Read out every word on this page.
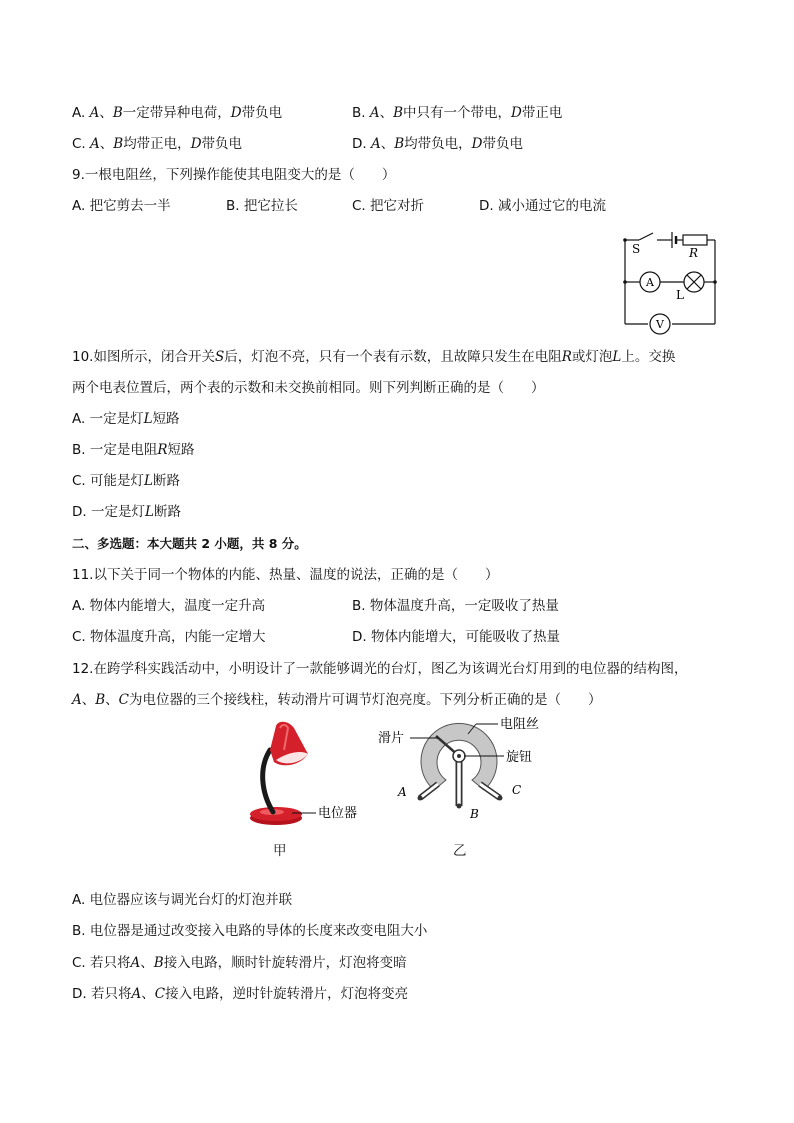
A. A、B一定带异种电荷，D带负电	B. A、B中只有一个带电，D带正电
C. A、B均带正电，D带负电	D. A、B均带负电，D带负电
9.一根电阻丝，下列操作能使其电阻变大的是（　　）
A. 把它剪去一半	B. 把它拉长	C. 把它对折	D. 减小通过它的电流
S	R
A
L
V
10.如图所示，闭合开关S后，灯泡不亮，只有一个表有示数，且故障只发生在电阻R或灯泡L上。交换
两个电表位置后，两个表的示数和未交换前相同。则下列判断正确的是（　　）
A. 一定是灯L短路
B. 一定是电阻R短路
C. 可能是灯L断路
D. 一定是灯L断路
二、多选题：本大题共 2 小题，共 8 分。
11.以下关于同一个物体的内能、热量、温度的说法，正确的是（　　）
A. 物体内能增大，温度一定升高	B. 物体温度升高，一定吸收了热量
C. 物体温度升高，内能一定增大	D. 物体内能增大，可能吸收了热量
12.在跨学科实践活动中，小明设计了一款能够调光的台灯，图乙为该调光台灯用到的电位器的结构图，
A、B、C为电位器的三个接线柱，转动滑片可调节灯泡亮度。下列分析正确的是（　　）
电位器
甲
滑片
电阻丝
旋钮
A
B
C
乙
A. 电位器应该与调光台灯的灯泡并联
B. 电位器是通过改变接入电路的导体的长度来改变电阻大小
C. 若只将A、B接入电路，顺时针旋转滑片，灯泡将变暗
D. 若只将A、C接入电路，逆时针旋转滑片，灯泡将变亮
